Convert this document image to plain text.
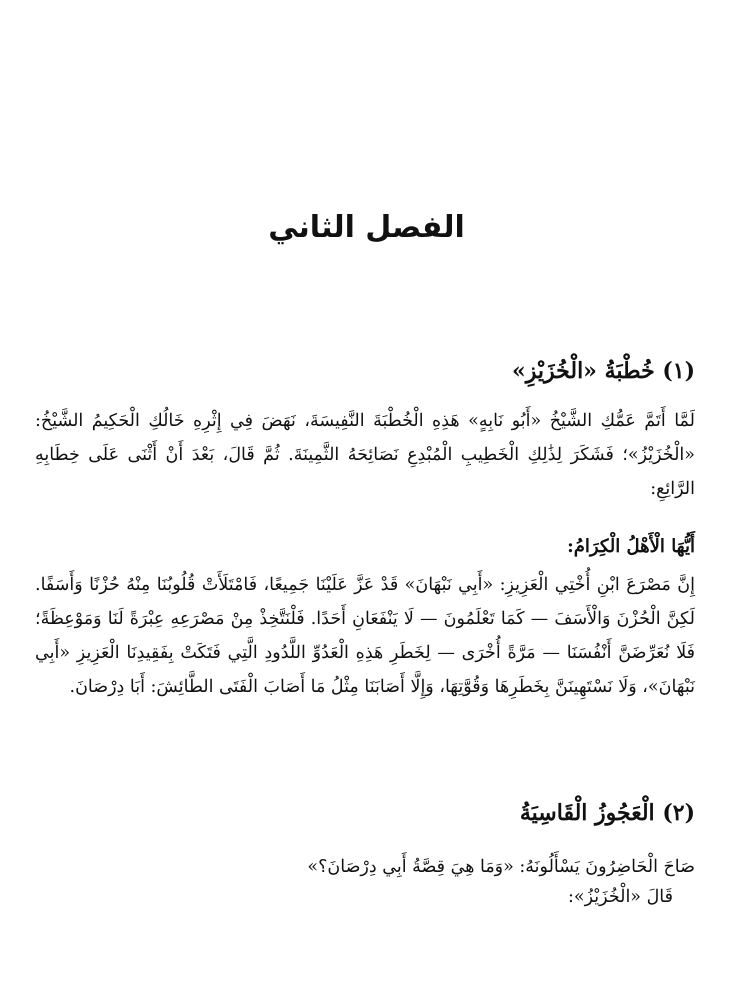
الفصل الثاني
(١) خُطْبَةُ «الْخُزَيْزِ»

لَمَّا أَتَمَّ عَمُّكِ الشَّيْخُ «أَبُو نَابِهٍ» هَذِهِ الْخُطْبَةَ النَّفِيسَةَ، نَهَضَ فِي إِثْرِهِ خَالُكِ الْحَكِيمُ الشَّيْخُ: «الْخُزَيْزُ»؛ فَشَكَرَ لِذَٰلِكِ الْخَطِيبِ الْمُبْدِعِ نَصَائِحَهُ الثَّمِينَةَ. ثُمَّ قَالَ، بَعْدَ أَنْ أَثْنَى عَلَى خِطَابِهِ الرَّائِعِ:

أَيُّهَا الْأَهْلُ الْكِرَامُ:

إِنَّ مَصْرَعَ ابْنِ أُخْتِي الْعَزِيزِ: «أَبِي نَبْهَانَ» قَدْ عَزَّ عَلَيْنَا جَمِيعًا، فَامْتَلَأَتْ قُلُوبُنَا مِنْهُ حُزْنًا وَأَسَفًا. لَكِنَّ الْحُزْنَ وَالْأَسَفَ — كَمَا تَعْلَمُونَ — لَا يَنْفَعَانِ أَحَدًا. فَلْنَتَّخِذْ مِنْ مَصْرَعِهِ عِبْرَةً لَنَا وَمَوْعِظَةً؛ فَلَا نُعَرِّضَنَّ أَنْفُسَنَا — مَرَّةً أُخْرَى — لِخَطَرِ هَذِهِ الْعَدُوِّ اللَّدُودِ الَّتِي فَتَكَتْ بِفَقِيدِنَا الْعَزِيزِ «أَبِي نَبْهَانَ»، وَلَا نَسْتَهِينَنَّ بِخَطَرِهَا وَقُوَّتِهَا، وَإِلَّا أَصَابَنَا مِثْلُ مَا أَصَابَ الْفَتَى الطَّائِشَ: أَبَا دِرْصَانَ.

(٢) الْعَجُوزُ الْقَاسِيَةُ

صَاحَ الْحَاضِرُونَ يَسْأَلُونَهُ: «وَمَا هِيَ قِصَّةُ أَبِي دِرْصَانَ؟»

قَالَ «الْخُزَيْزُ»:
